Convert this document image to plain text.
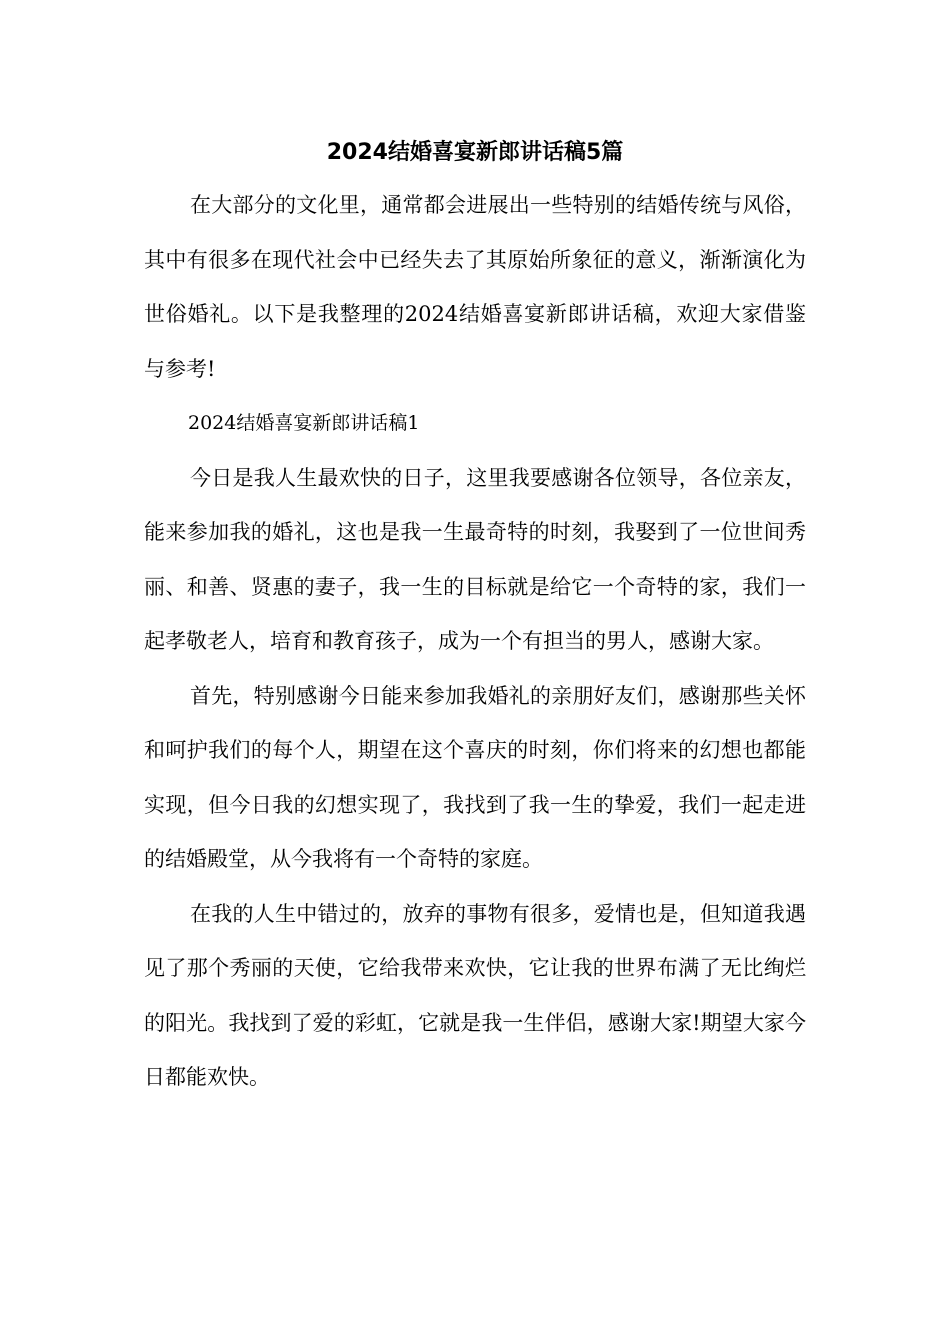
2024结婚喜宴新郎讲话稿5篇

在大部分的文化里，通常都会进展出一些特别的结婚传统与风俗，其中有很多在现代社会中已经失去了其原始所象征的意义，渐渐演化为世俗婚礼。以下是我整理的2024结婚喜宴新郎讲话稿，欢迎大家借鉴与参考!

2024结婚喜宴新郎讲话稿1

今日是我人生最欢快的日子，这里我要感谢各位领导，各位亲友，能来参加我的婚礼，这也是我一生最奇特的时刻，我娶到了一位世间秀丽、和善、贤惠的妻子，我一生的目标就是给它一个奇特的家，我们一起孝敬老人，培育和教育孩子，成为一个有担当的男人，感谢大家。

首先，特别感谢今日能来参加我婚礼的亲朋好友们，感谢那些关怀和呵护我们的每个人，期望在这个喜庆的时刻，你们将来的幻想也都能实现，但今日我的幻想实现了，我找到了我一生的挚爱，我们一起走进的结婚殿堂，从今我将有一个奇特的家庭。

在我的人生中错过的，放弃的事物有很多，爱情也是，但知道我遇见了那个秀丽的天使，它给我带来欢快，它让我的世界布满了无比绚烂的阳光。我找到了爱的彩虹，它就是我一生伴侣，感谢大家!期望大家今日都能欢快。
